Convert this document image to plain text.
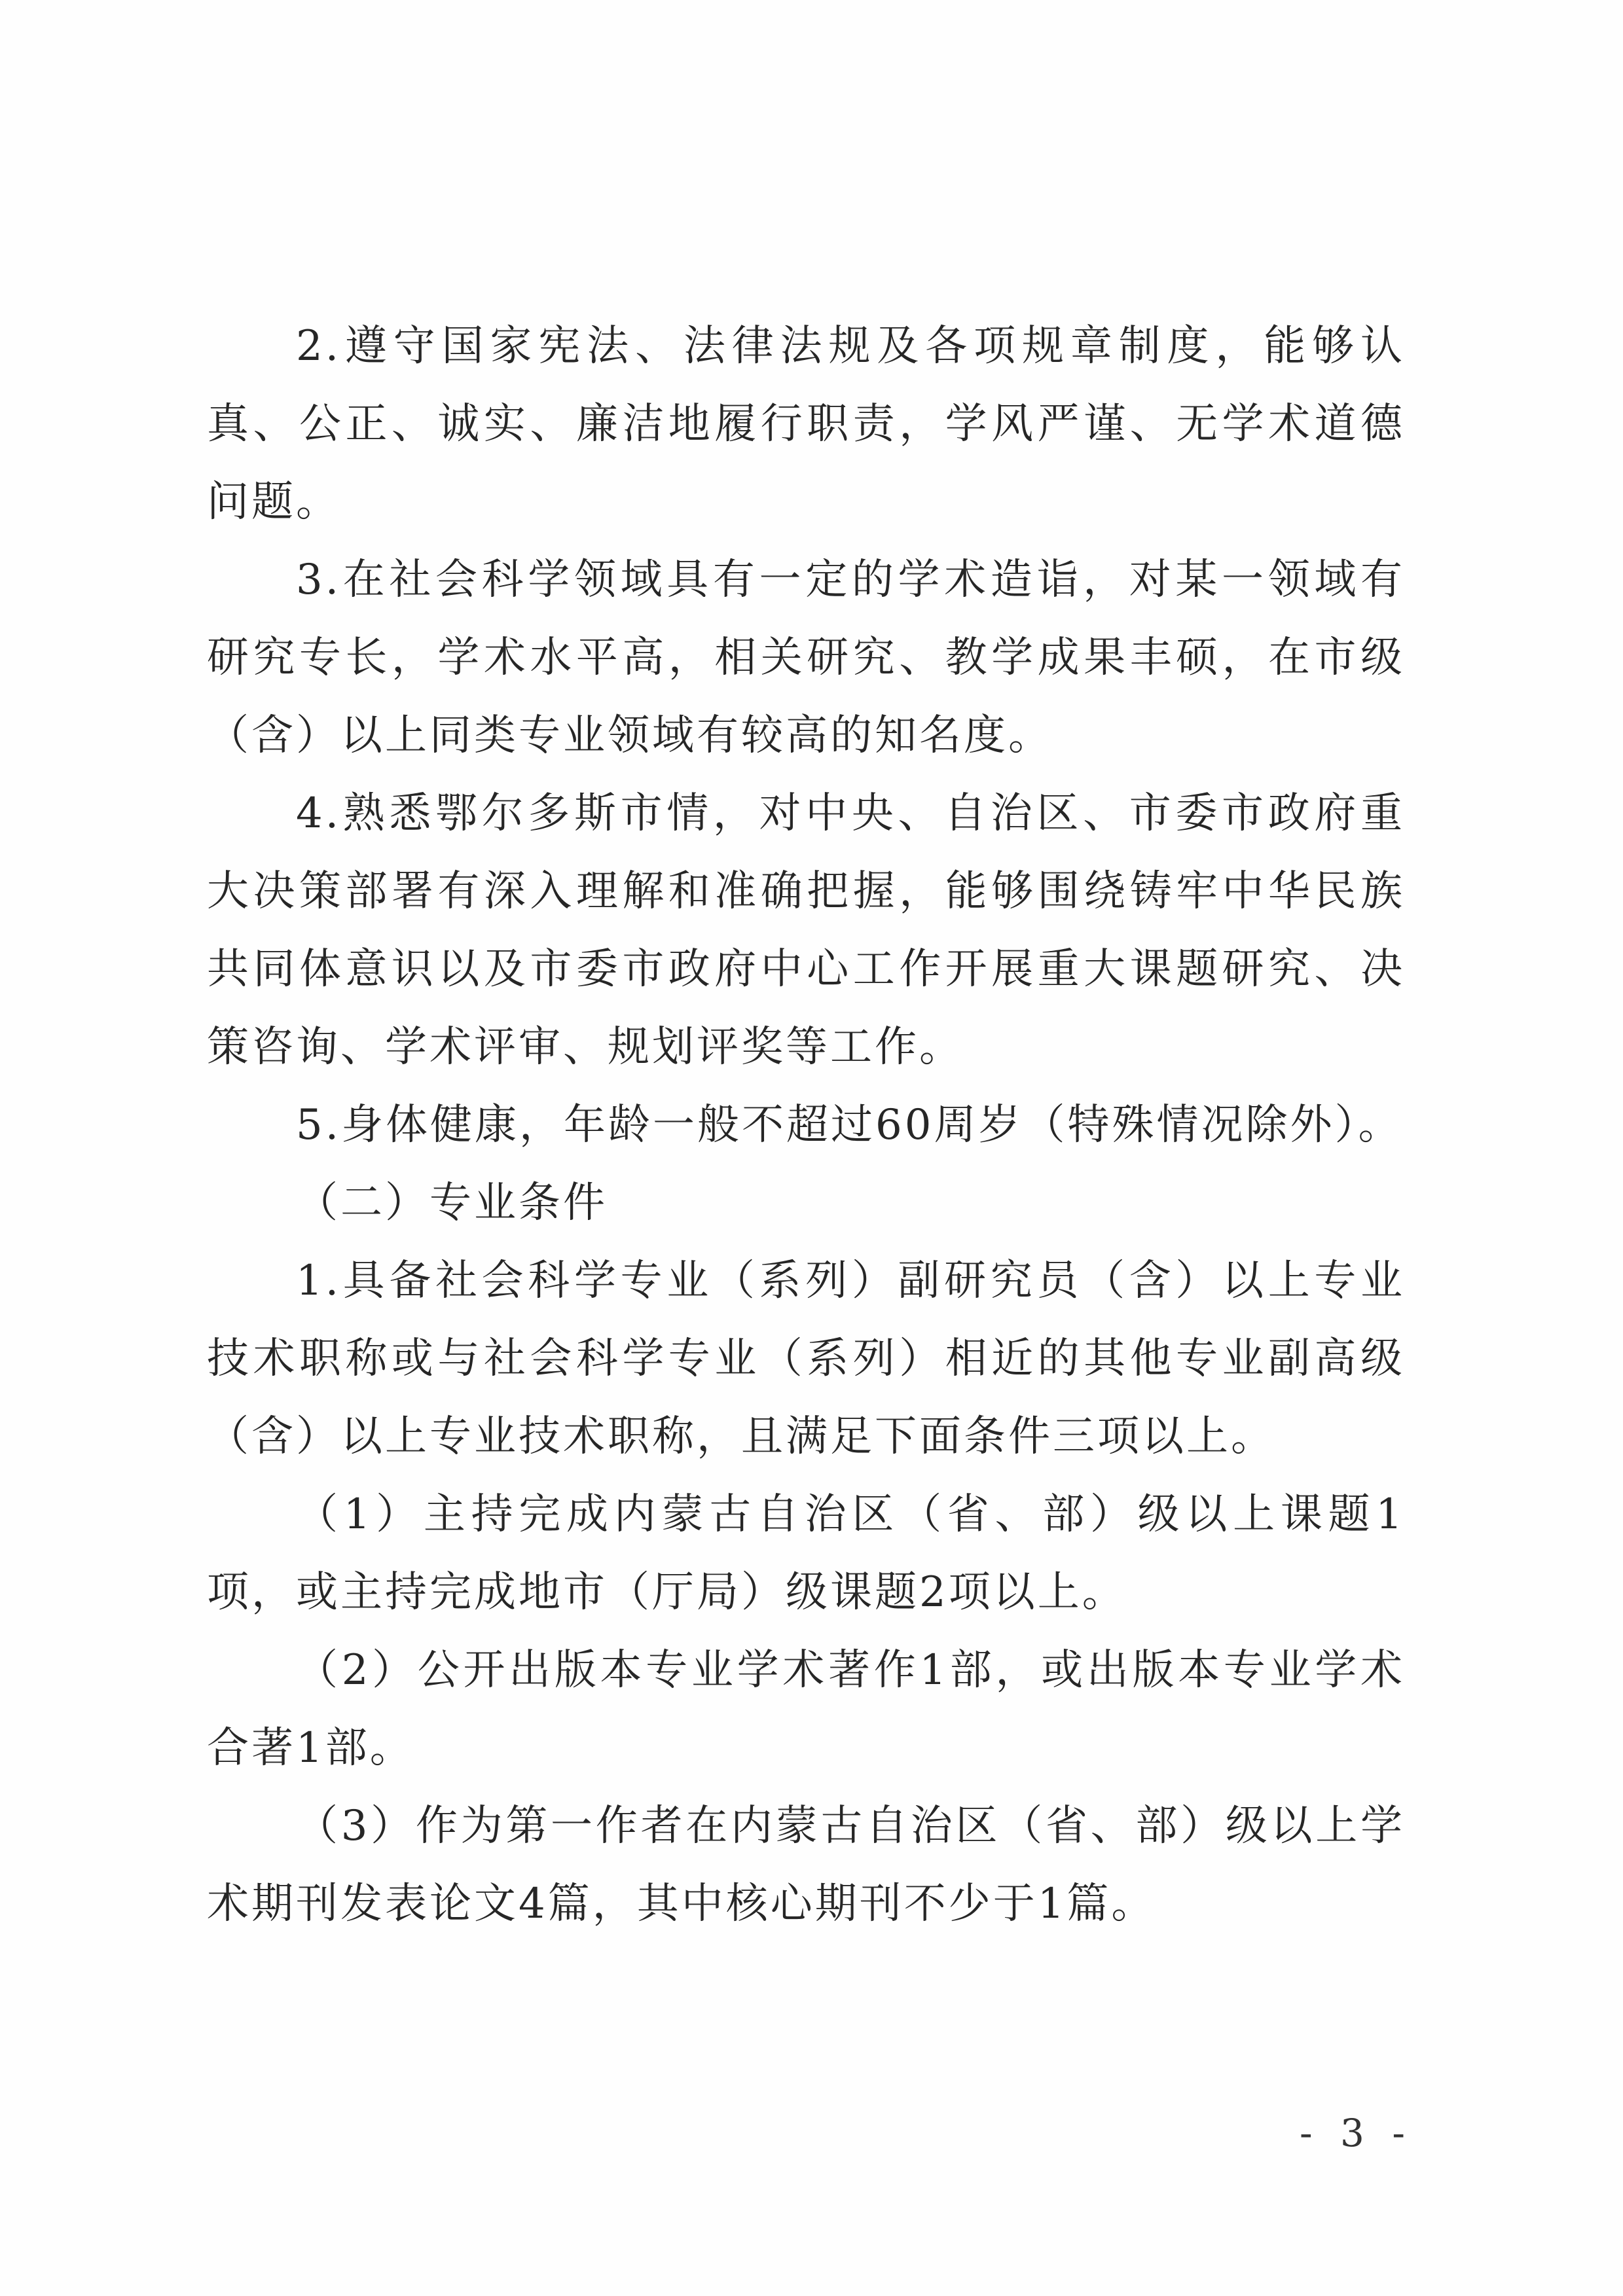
2.遵守国家宪法、法律法规及各项规章制度，能够认真、公正、诚实、廉洁地履行职责，学风严谨、无学术道德问题。

3.在社会科学领域具有一定的学术造诣，对某一领域有研究专长，学术水平高，相关研究、教学成果丰硕，在市级（含）以上同类专业领域有较高的知名度。

4.熟悉鄂尔多斯市情，对中央、自治区、市委市政府重大决策部署有深入理解和准确把握，能够围绕铸牢中华民族共同体意识以及市委市政府中心工作开展重大课题研究、决策咨询、学术评审、规划评奖等工作。

5.身体健康，年龄一般不超过60周岁（特殊情况除外）。

（二）专业条件

1.具备社会科学专业（系列）副研究员（含）以上专业技术职称或与社会科学专业（系列）相近的其他专业副高级（含）以上专业技术职称，且满足下面条件三项以上。

（1）主持完成内蒙古自治区（省、部）级以上课题1项，或主持完成地市（厅局）级课题2项以上。

（2）公开出版本专业学术著作1部，或出版本专业学术合著1部。

（3）作为第一作者在内蒙古自治区（省、部）级以上学术期刊发表论文4篇，其中核心期刊不少于1篇。

- 3 -
